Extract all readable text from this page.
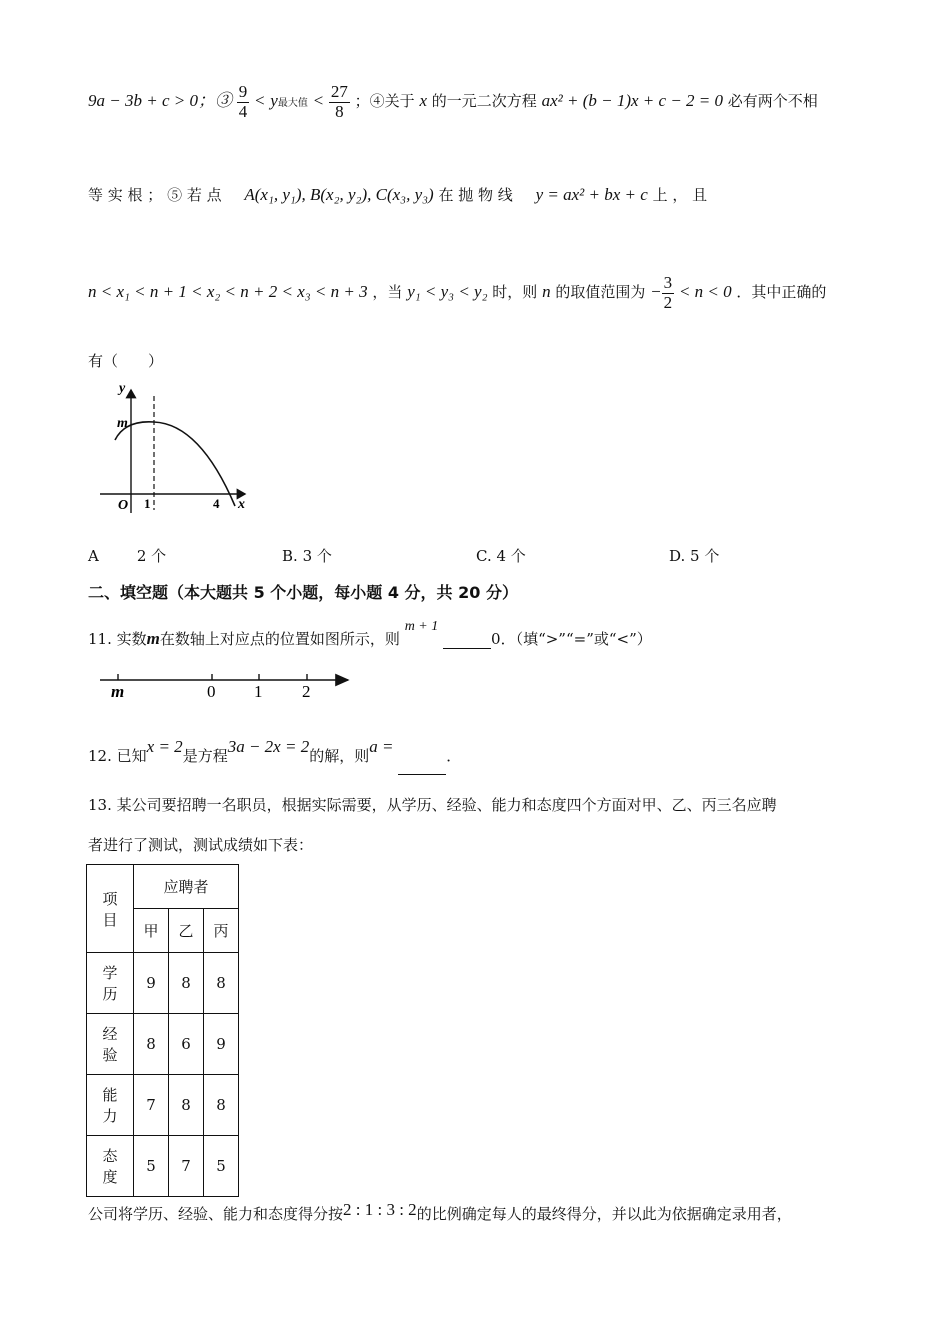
9a − 3b + c > 0；③ $\frac{9}{4} < y$最大值 < $\frac{27}{8}$ ；④关于 x 的一元二次方程 ax² + (b − 1)x + c − 2 = 0 必有两个不相
等 实 根 ； ⑤ 若 点 A(x₁, y₁), B(x₂, y₂), C(x₃, y₃) 在 抛 物 线 y = ax² + bx + c 上 ， 且
n < x₁ < n + 1 < x₂ < n + 2 < x₃ < n + 3 ，当 y₁ < y₃ < y₂ 时，则 n 的取值范围为 − $\frac{3}{2} < n < 0$ ．其中正确的
有（　　）
y
m
O 1	4 x
A	2 个	B. 3 个	C. 4 个	D. 5 个
二、填空题（本大题共 5 个小题，每小题 4 分，共 20 分）
11. 实数m在数轴上对应点的位置如图所示，则 m + 1  0．（填“>”“=”或“<”）
m	0 1 2
12. 已知x = 2是方程3a − 2x = 2的解，则a =	．
13. 某公司要招聘一名职员，根据实际需要，从学历、经验、能力和态度四个方面对甲、乙、丙三名应聘
者进行了测试，测试成绩如下表：
项
目	应聘者		
	甲	乙	丙
学
历	9	8	8
经
验	8	6	9
能
力	7	8	8
态
度	5	7	5
公司将学历、经验、能力和态度得分按2 : 1 : 3 : 2的比例确定每人的最终得分，并以此为依据确定录用者，
